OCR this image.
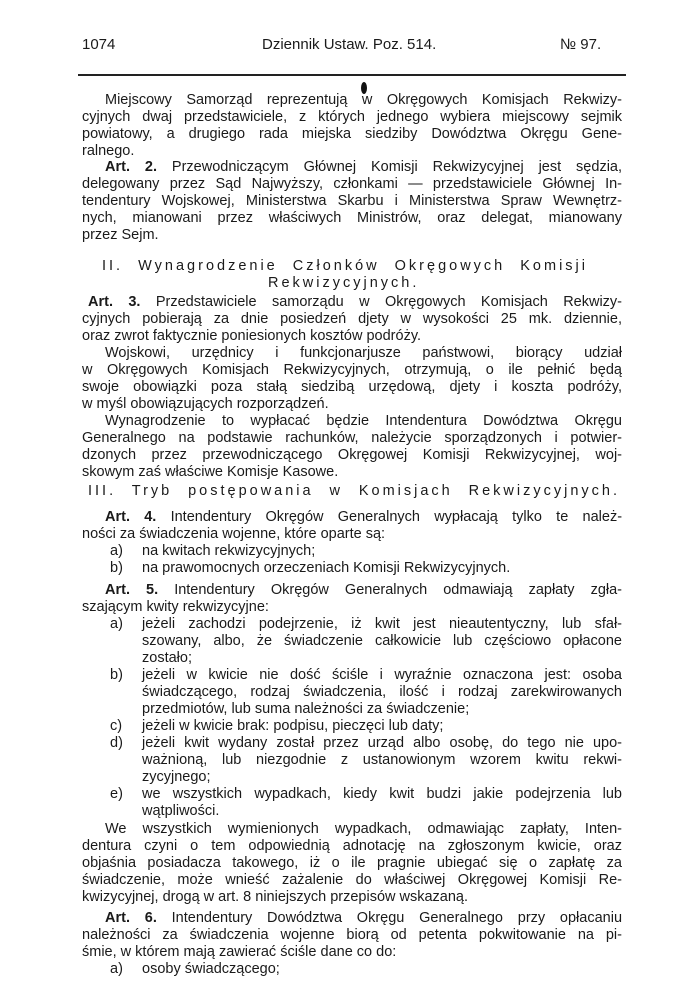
1074	Dziennik Ustaw. Poz. 514.	№ 97.
Miejscowy Samorząd reprezentują w Okręgowych Komisjach Rekwizy-
cyjnych dwaj przedstawiciele, z których jednego wybiera miejscowy sejmik
powiatowy, a drugiego rada miejska siedziby Dowództwa Okręgu Gene-
ralnego.
Art. 2. Przewodniczącym Głównej Komisji Rekwizycyjnej jest sędzia,
delegowany przez Sąd Najwyższy, członkami — przedstawiciele Głównej In-
tendentury Wojskowej, Ministerstwa Skarbu i Ministerstwa Spraw Wewnętrz-
nych, mianowani przez właściwych Ministrów, oraz delegat, mianowany
przez Sejm.
II. Wynagrodzenie Członków Okręgowych Komisji
Rekwizycyjnych.
Art. 3. Przedstawiciele samorządu w Okręgowych Komisjach Rekwizy-
cyjnych pobierają za dnie posiedzeń djety w wysokości 25 mk. dziennie,
oraz zwrot faktycznie poniesionych kosztów podróży.
Wojskowi, urzędnicy i funkcjonarjusze państwowi, biorący udział
w Okręgowych Komisjach Rekwizycyjnych, otrzymują, o ile pełnić będą
swoje obowiązki poza stałą siedzibą urzędową, djety i koszta podróży,
w myśl obowiązujących rozporządzeń.
Wynagrodzenie to wypłacać będzie Intendentura Dowództwa Okręgu
Generalnego na podstawie rachunków, należycie sporządzonych i potwier-
dzonych przez przewodniczącego Okręgowej Komisji Rekwizycyjnej, woj-
skowym zaś właściwe Komisje Kasowe.
III. Tryb postępowania w Komisjach Rekwizycyjnych.
Art. 4. Intendentury Okręgów Generalnych wypłacają tylko te należ-
ności za świadczenia wojenne, które oparte są:
a) na kwitach rekwizycyjnych;
b) na prawomocnych orzeczeniach Komisji Rekwizycyjnych.
Art. 5. Intendentury Okręgów Generalnych odmawiają zapłaty zgła-
szającym kwity rekwizycyjne:
a) jeżeli zachodzi podejrzenie, iż kwit jest nieautentyczny, lub sfał-
szowany, albo, że świadczenie całkowicie lub częściowo opłacone
zostało;
b) jeżeli w kwicie nie dość ściśle i wyraźnie oznaczona jest: osoba
świadczącego, rodzaj świadczenia, ilość i rodzaj zarekwirowanych
przedmiotów, lub suma należności za świadczenie;
c) jeżeli w kwicie brak: podpisu, pieczęci lub daty;
d) jeżeli kwit wydany został przez urząd albo osobę, do tego nie upo-
ważnioną, lub niezgodnie z ustanowionym wzorem kwitu rekwi-
zycyjnego;
e) we wszystkich wypadkach, kiedy kwit budzi jakie podejrzenia lub
wątpliwości.
We wszystkich wymienionych wypadkach, odmawiając zapłaty, Inten-
dentura czyni o tem odpowiednią adnotację na zgłoszonym kwicie, oraz
objaśnia posiadacza takowego, iż o ile pragnie ubiegać się o zapłatę za
świadczenie, może wnieść zażalenie do właściwej Okręgowej Komisji Re-
kwizycyjnej, drogą w art. 8 niniejszych przepisów wskazaną.
Art. 6. Intendentury Dowództwa Okręgu Generalnego przy opłacaniu
należności za świadczenia wojenne biorą od petenta pokwitowanie na pi-
śmie, w którem mają zawierać ściśle dane co do:
a) osoby świadczącego;
